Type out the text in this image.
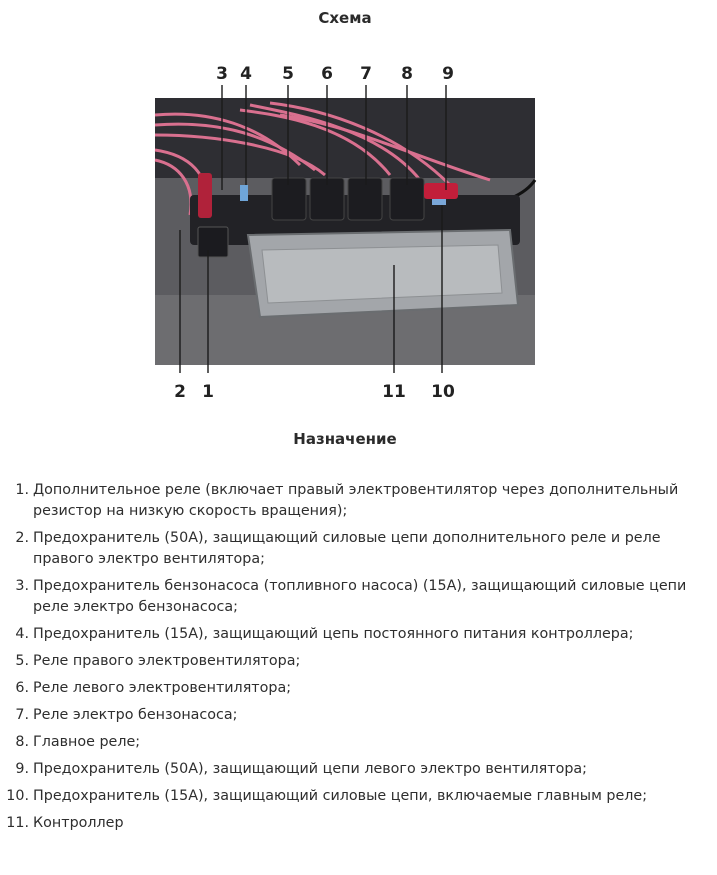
Схема
3 4 5 6 7 8 9
2 1	11 10
Назначение
1. Дополнительное реле (включает правый электровентилятор через дополнительный резистор на низкую скорость вращения);
2. Предохранитель (50А), защищающий силовые цепи дополнительного реле и реле правого электро вентилятора;
3. Предохранитель бензонасоса (топливного насоса) (15А), защищающий силовые цепи реле электро бензонасоса;
4. Предохранитель (15А), защищающий цепь постоянного питания контроллера;
5. Реле правого электровентилятора;
6. Реле левого электровентилятора;
7. Реле электро бензонасоса;
8. Главное реле;
9. Предохранитель (50А), защищающий цепи левого электро вентилятора;
10. Предохранитель (15А), защищающий силовые цепи, включаемые главным реле;
11. Контроллер
